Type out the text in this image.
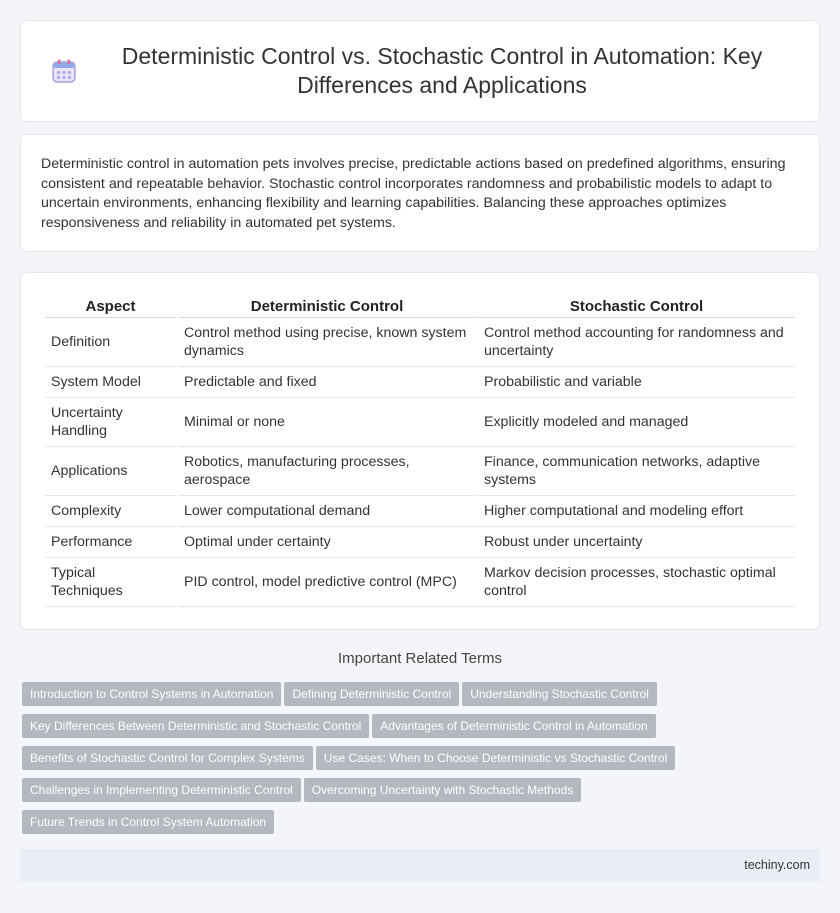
Deterministic Control vs. Stochastic Control in Automation: Key Differences and Applications

Deterministic control in automation pets involves precise, predictable actions based on predefined algorithms, ensuring consistent and repeatable behavior. Stochastic control incorporates randomness and probabilistic models to adapt to uncertain environments, enhancing flexibility and learning capabilities. Balancing these approaches optimizes responsiveness and reliability in automated pet systems.

Aspect	Deterministic Control	Stochastic Control
Definition	Control method using precise, known system dynamics	Control method accounting for randomness and uncertainty
System Model	Predictable and fixed	Probabilistic and variable
Uncertainty Handling	Minimal or none	Explicitly modeled and managed
Applications	Robotics, manufacturing processes, aerospace	Finance, communication networks, adaptive systems
Complexity	Lower computational demand	Higher computational and modeling effort
Performance	Optimal under certainty	Robust under uncertainty
Typical Techniques	PID control, model predictive control (MPC)	Markov decision processes, stochastic optimal control
Important Related Terms
Introduction to Control Systems in Automation Defining Deterministic Control Understanding Stochastic ControlKey Differences Between Deterministic and Stochastic Control Advantages of Deterministic Control in AutomationBenefits of Stochastic Control for Complex Systems Use Cases: When to Choose Deterministic vs Stochastic ControlChallenges in Implementing Deterministic Control Overcoming Uncertainty with Stochastic MethodsFuture Trends in Control System Automation
techiny.com
